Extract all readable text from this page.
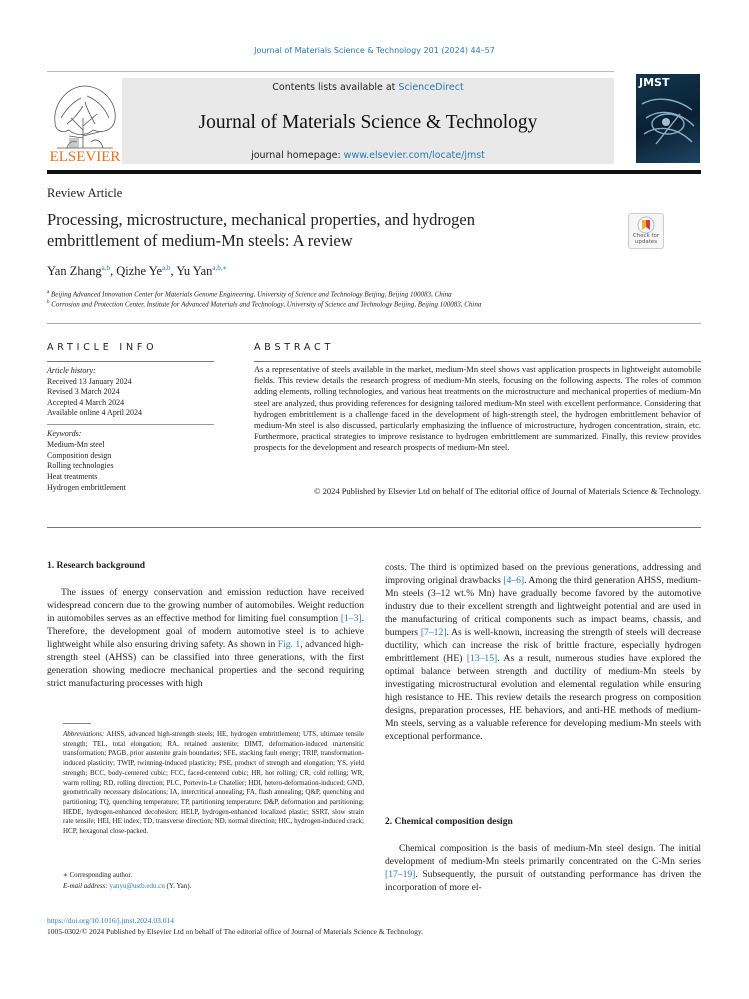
Journal of Materials Science & Technology 201 (2024) 44–57
ELSEVIER
Contents lists available at ScienceDirect
Journal of Materials Science & Technology
journal homepage: www.elsevier.com/locate/jmst
JMST
Review Article
Processing, microstructure, mechanical properties, and hydrogen embrittlement of medium-Mn steels: A review	Check for updates
Yan Zhang$^{a,b}$, Qizhe Ye$^{a,b}$, Yu Yan$^{a,b,∗}$
$^a$ Beijing Advanced Innovation Center for Materials Genome Engineering, University of Science and Technology Beijing, Beijing 100083, China
$^b$ Corrosion and Protection Center, Institute for Advanced Materials and Technology, University of Science and Technology Beijing, Beijing 100083, China
ARTICLE INFO	ABSTRACT
Article history:
Received 13 January 2024
Revised 3 March 2024
Accepted 4 March 2024
Available online 4 April 2024
Keywords:
Medium-Mn steel
Composition design
Rolling technologies
Heat treatments
Hydrogen embrittlement
As a representative of steels available in the market, medium-Mn steel shows vast application prospects in lightweight automobile fields. This review details the research progress of medium-Mn steels, focusing on the following aspects. The roles of common adding elements, rolling technologies, and various heat treatments on the microstructure and mechanical properties of medium-Mn steel are analyzed, thus providing references for designing tailored medium-Mn steel with excellent performance. Considering that hydrogen embrittlement is a challenge faced in the development of high-strength steel, the hydrogen embrittlement behavior of medium-Mn steel is also discussed, particularly emphasizing the influence of microstructure, hydrogen concentration, strain, etc. Furthermore, practical strategies to improve resistance to hydrogen embrittlement are summarized. Finally, this review provides prospects for the development and research prospects of medium-Mn steel.
© 2024 Published by Elsevier Ltd on behalf of The editorial office of Journal of Materials Science & Technology.
1. Research background
The issues of energy conservation and emission reduction have received widespread concern due to the growing number of automobiles. Weight reduction in automobiles serves as an effective method for limiting fuel consumption [1–3]. Therefore, the development goal of modern automotive steel is to achieve lightweight while also ensuring driving safety. As shown in Fig. 1, advanced high-strength steel (AHSS) can be classified into three generations, with the first generation showing mediocre mechanical properties and the second requiring strict manufacturing processes with high
costs. The third is optimized based on the previous generations, addressing and improving original drawbacks [4–6]. Among the third generation AHSS, medium-Mn steels (3–12 wt.% Mn) have gradually become favored by the automotive industry due to their excellent strength and lightweight potential and are used in the manufacturing of critical components such as impact beams, chassis, and bumpers [7–12]. As is well-known, increasing the strength of steels will decrease ductility, which can increase the risk of brittle fracture, especially hydrogen embrittlement (HE) [13–15]. As a result, numerous studies have explored the optimal balance between strength and ductility of medium-Mn steels by investigating microstructural evolution and elemental regulation while ensuring high resistance to HE. This review details the research progress on composition designs, preparation processes, HE behaviors, and anti-HE methods of medium-Mn steels, serving as a valuable reference for developing medium-Mn steels with exceptional performance.
2. Chemical composition design
Chemical composition is the basis of medium-Mn steel design. The initial development of medium-Mn steels primarily concentrated on the C-Mn series [17–19]. Subsequently, the pursuit of outstanding performance has driven the incorporation of more el-
Abbreviations: AHSS, advanced high-strength steels; HE, hydrogen embrittlement; UTS, ultimate tensile strength; TEL, total elongation; RA, retained austenite; DIMT, deformation-induced martensitic transformation; PAGB, prior austenite grain boundaries; SFE, stacking fault energy; TRIP, transformation-induced plasticity; TWIP, twinning-induced plasticity; PSE, product of strength and elongation; YS, yield strength; BCC, body-centered cubic; FCC, faced-centered cubic; HR, hot rolling; CR, cold rolling; WR, warm rolling; RD, rolling direction; PLC, Portevin-Le Chatelier; HDI, hetero-deformation-induced; GND, geometrically necessary dislocations; IA, intercritical annealing; FA, flash annealing; Q&P, quenching and partitioning; TQ, quenching temperature; TP, partitioning temperature; D&P, deformation and partitioning; HEDE, hydrogen-enhanced decohesion; HELP, hydrogen-enhanced localized plastic; SSRT, slow strain rate tensile; HEI, HE index; TD, transverse direction; ND, normal direction; HIC, hydrogen-induced crack; HCP, hexagonal close-packed.
∗ Corresponding author.
E-mail address: yanyu@ustb.edu.cn (Y. Yan).
https://doi.org/10.1016/j.jmst.2024.03.014
1005-0302/© 2024 Published by Elsevier Ltd on behalf of The editorial office of Journal of Materials Science & Technology.
